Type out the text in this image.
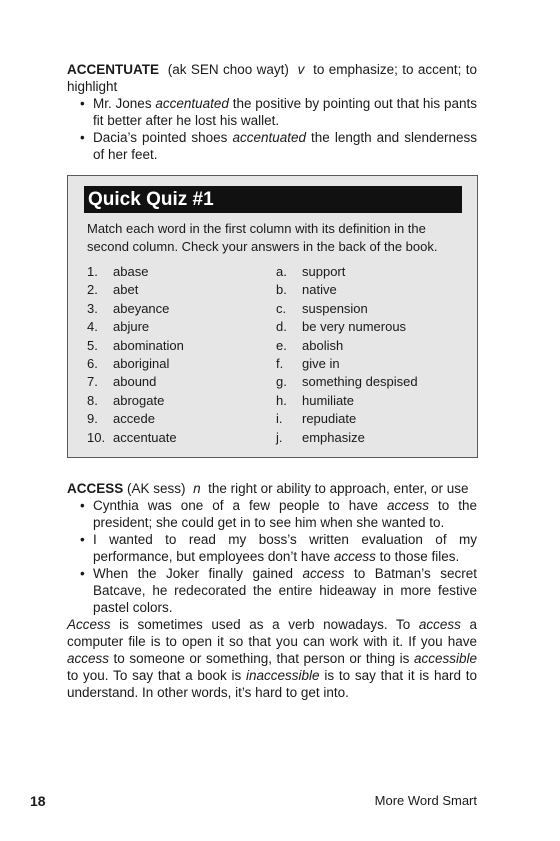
ACCENTUATE (ak SEN choo wayt) v to emphasize; to accent; to highlight
• Mr. Jones accentuated the positive by pointing out that his pants fit better after he lost his wallet.
• Dacia’s pointed shoes accentuated the length and slenderness of her feet.
Quick Quiz #1
Match each word in the first column with its definition in the second column. Check your answers in the back of the book.
1. abase
2. abet
3. abeyance
4. abjure
5. abomination
6. aboriginal
7. abound
8. abrogate
9. accede
10. accentuate
a. support
b. native
c. suspension
d. be very numerous
e. abolish
f. give in
g. something despised
h. humiliate
i. repudiate
j. emphasize
ACCESS (AK sess) n the right or ability to approach, enter, or use
• Cynthia was one of a few people to have access to the president; she could get in to see him when she wanted to.
• I wanted to read my boss’s written evaluation of my performance, but employees don’t have access to those files.
• When the Joker finally gained access to Batman’s secret Batcave, he redecorated the entire hideaway in more festive pastel colors.

Access is sometimes used as a verb nowadays. To access a computer file is to open it so that you can work with it. If you have access to someone or something, that person or thing is accessible to you. To say that a book is inaccessible is to say that it is hard to understand. In other words, it’s hard to get into.

18	More Word Smart
